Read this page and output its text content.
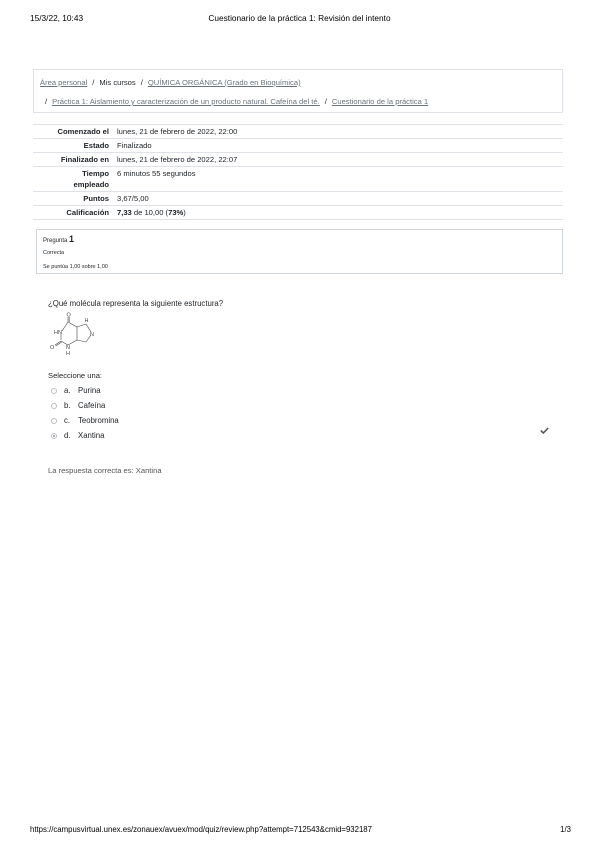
15/3/22, 10:43	Cuestionario de la práctica 1: Revisión del intento
Área personal / Mis cursos / QUÍMICA ORGÁNICA (Grado en Bioquímica)
/ Práctica 1: Aislamiento y caracterización de un producto natural. Cafeína del té. / Cuestionario de la práctica 1
Comenzado el	lunes, 21 de febrero de 2022, 22:00
Estado	Finalizado
Finalizado en	lunes, 21 de febrero de 2022, 22:07
Tiempo
empleado	6 minutos 55 segundos
Puntos	3,67/5,00
Calificación	7,33 de 10,00 (73%)
Pregunta 1
Correcta
Se puntúa 1,00 sobre 1,00
¿Qué molécula representa la siguiente estructura?
O
HN
H
N
O N
H
Seleccione una:
a. Purina
b. Cafeína
c.	Teobromina
d. Xantina
La respuesta correcta es: Xantina
https://campusvirtual.unex.es/zonauex/avuex/mod/quiz/review.php?attempt=712543&cmid=932187	1/3
